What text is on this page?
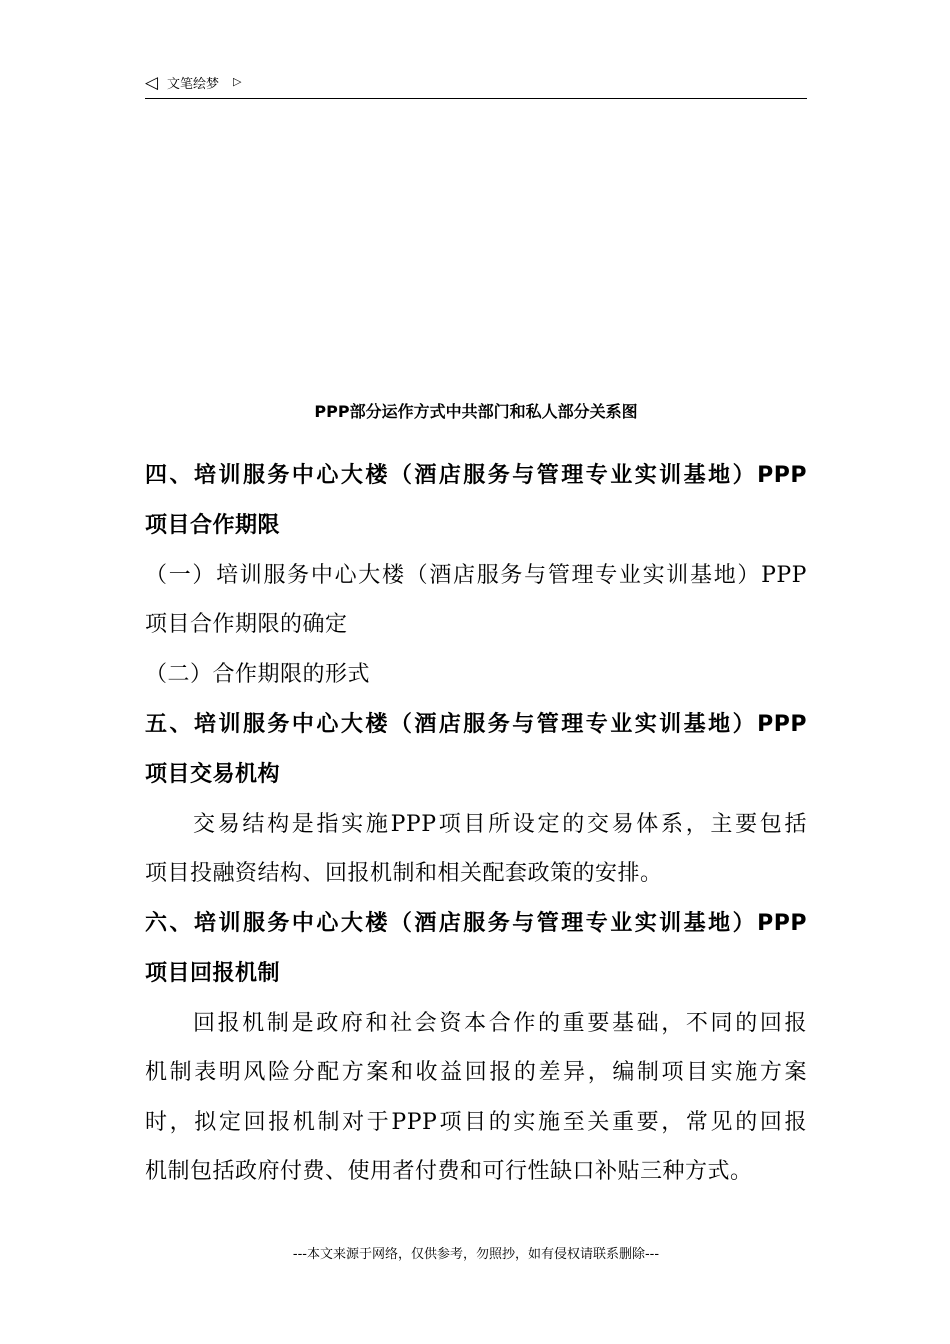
◁ 文笔绘梦 ▷
PPP部分运作方式中共部门和私人部分关系图
四、培训服务中心大楼（酒店服务与管理专业实训基地）PPP
项目合作期限
（一）培训服务中心大楼（酒店服务与管理专业实训基地）PPP
项目合作期限的确定
（二）合作期限的形式
五、培训服务中心大楼（酒店服务与管理专业实训基地）PPP
项目交易机构
交易结构是指实施PPP项目所设定的交易体系，主要包括
项目投融资结构、回报机制和相关配套政策的安排。
六、培训服务中心大楼（酒店服务与管理专业实训基地）PPP
项目回报机制
回报机制是政府和社会资本合作的重要基础，不同的回报
机制表明风险分配方案和收益回报的差异，编制项目实施方案
时，拟定回报机制对于PPP项目的实施至关重要，常见的回报
机制包括政府付费、使用者付费和可行性缺口补贴三种方式。
---本文来源于网络，仅供参考，勿照抄，如有侵权请联系删除---
